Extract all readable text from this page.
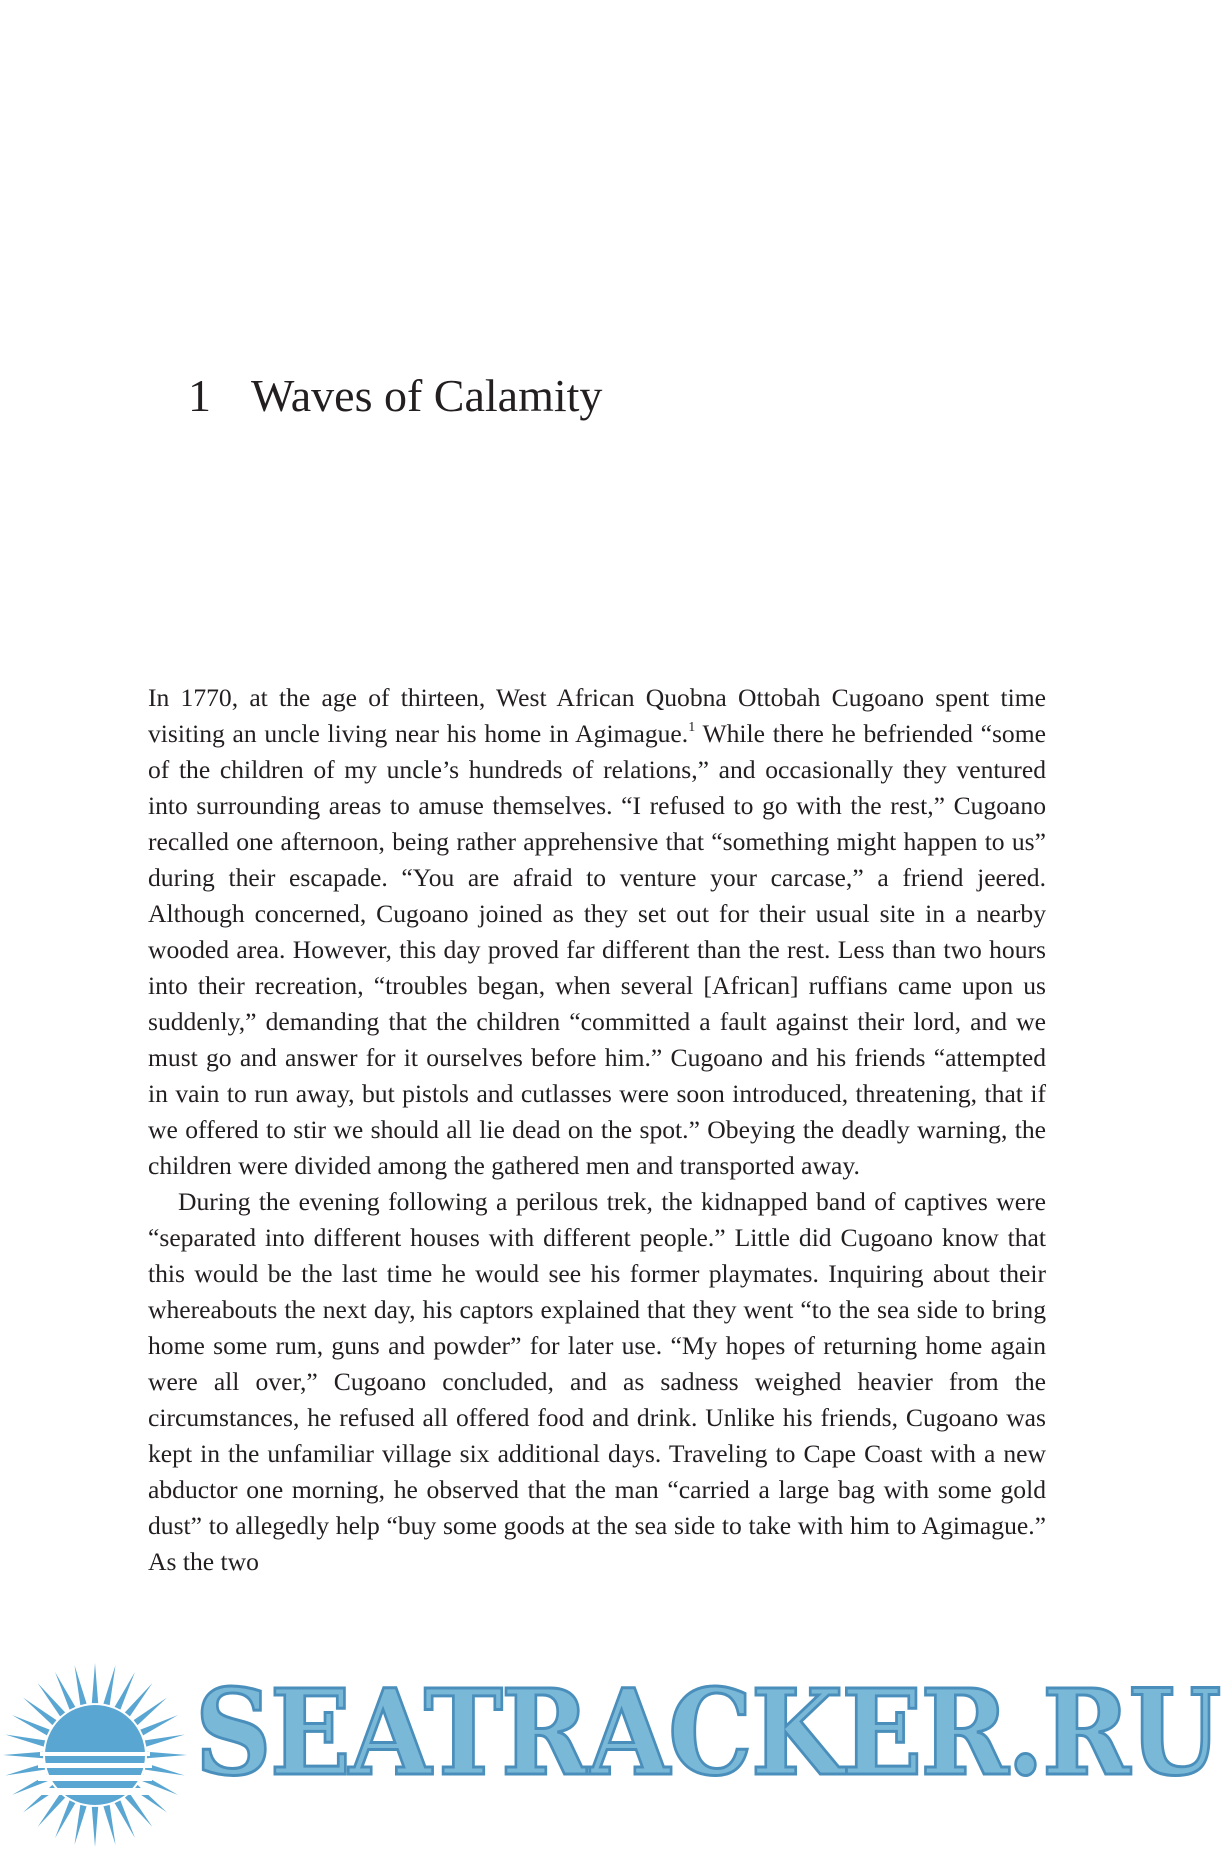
1 Waves of Calamity

In 1770, at the age of thirteen, West African Quobna Ottobah Cugoano spent time visiting an uncle living near his home in Agimague.$^1$ While there he befriended “some of the children of my uncle’s hundreds of relations,” and occasionally they ventured into surrounding areas to amuse themselves. “I refused to go with the rest,” Cugoano recalled one afternoon, being rather apprehensive that “something might happen to us” during their escapade. “You are afraid to venture your carcase,” a friend jeered. Although concerned, Cugoano joined as they set out for their usual site in a nearby wooded area. However, this day proved far different than the rest. Less than two hours into their recreation, “troubles began, when several [African] ruffians came upon us suddenly,” demanding that the children “committed a fault against their lord, and we must go and answer for it ourselves before him.” Cugoano and his friends “attempted in vain to run away, but pistols and cutlasses were soon introduced, threatening, that if we offered to stir we should all lie dead on the spot.” Obeying the deadly warning, the children were divided among the gathered men and transported away.

During the evening following a perilous trek, the kidnapped band of captives were “separated into different houses with different people.” Little did Cugoano know that this would be the last time he would see his former playmates. Inquiring about their whereabouts the next day, his captors explained that they went “to the sea side to bring home some rum, guns and powder” for later use. “My hopes of returning home again were all over,” Cugoano concluded, and as sadness weighed heavier from the circumstances, he refused all offered food and drink. Unlike his friends, Cugoano was kept in the unfamiliar village six additional days. Traveling to Cape Coast with a new abductor one morning, he observed that the man “carried a large bag with some gold dust” to allegedly help “buy some goods at the sea side to take with him to Agimague.” As the two

SEATRACKER.RU
